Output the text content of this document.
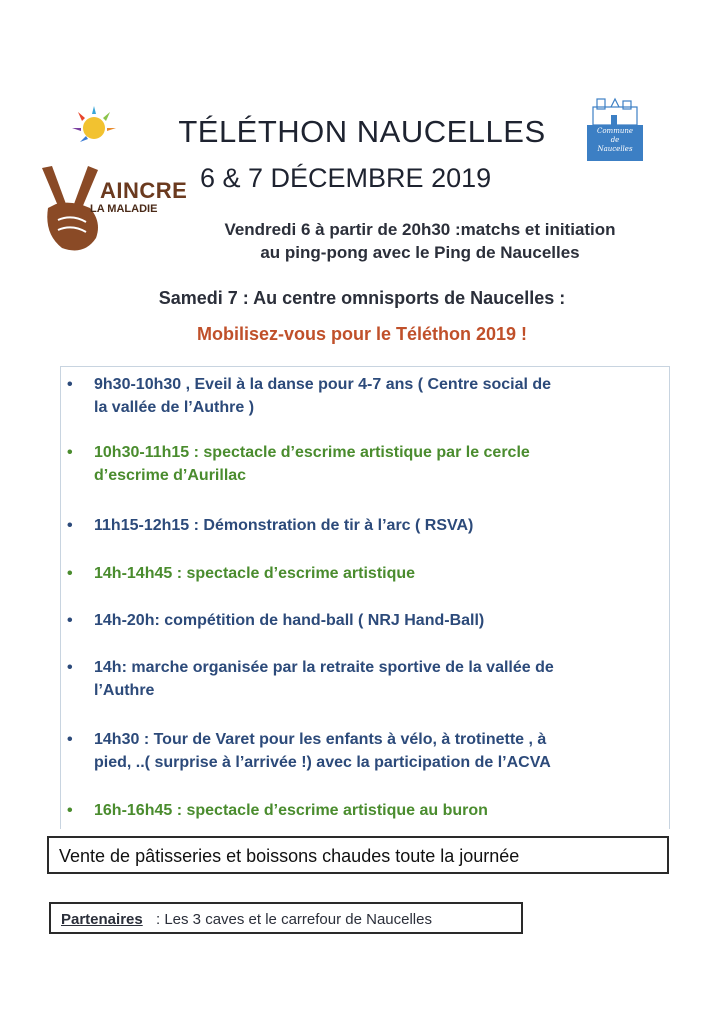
AINCRE
LA MALADIE
Commune
de
Naucelles
TÉLÉTHON NAUCELLES
6 & 7 DÉCEMBRE 2019
Vendredi 6 à partir de 20h30 :matchs et initiation
au ping-pong avec le Ping de Naucelles
Samedi 7 : Au centre omnisports de Naucelles :
Mobilisez-vous pour le Téléthon 2019 !
•	9h30-10h30 , Eveil à la danse pour 4-7 ans ( Centre social de
la vallée de l’Authre )
•	10h30-11h15 : spectacle d’escrime artistique par le cercle
d’escrime d’Aurillac
•	11h15-12h15 : Démonstration de tir à l’arc ( RSVA)
•	14h-14h45 : spectacle d’escrime artistique
•	14h-20h: compétition de hand-ball ( NRJ Hand-Ball)
•	14h: marche organisée par la retraite sportive de la vallée de
l’Authre
•	14h30 : Tour de Varet pour les enfants à vélo, à trotinette , à
pied, ..( surprise à l’arrivée !) avec la participation de l’ACVA
•	16h-16h45 : spectacle d’escrime artistique au buron
Vente de pâtisseries et boissons chaudes toute la journée
Partenaires : Les 3 caves et le carrefour de Naucelles
